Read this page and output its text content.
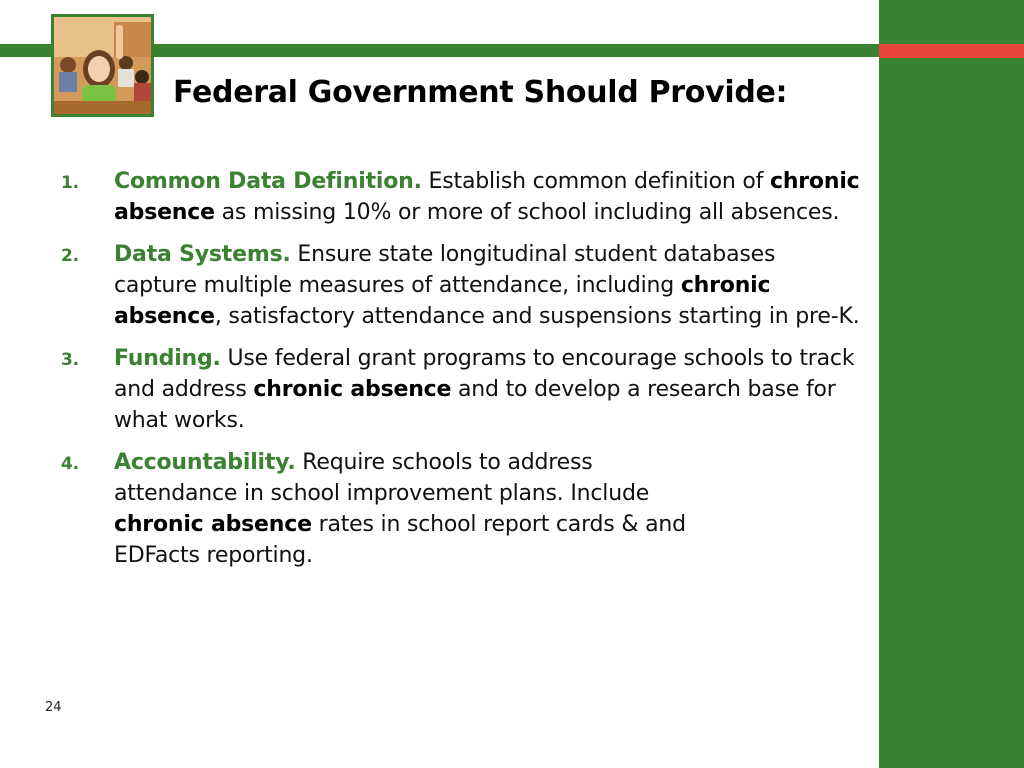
Federal Government Should Provide:
1. Common Data Definition. Establish common definition of chronic absence as missing 10% or more of school including all absences.
2. Data Systems. Ensure state longitudinal student databases capture multiple measures of attendance, including chronic absence, satisfactory attendance and suspensions starting in pre-K.
3. Funding. Use federal grant programs to encourage schools to track and address chronic absence and to develop a research base for what works.
4. Accountability. Require schools to address attendance in school improvement plans. Include chronic absence rates in school report cards & and EDFacts reporting.
24
